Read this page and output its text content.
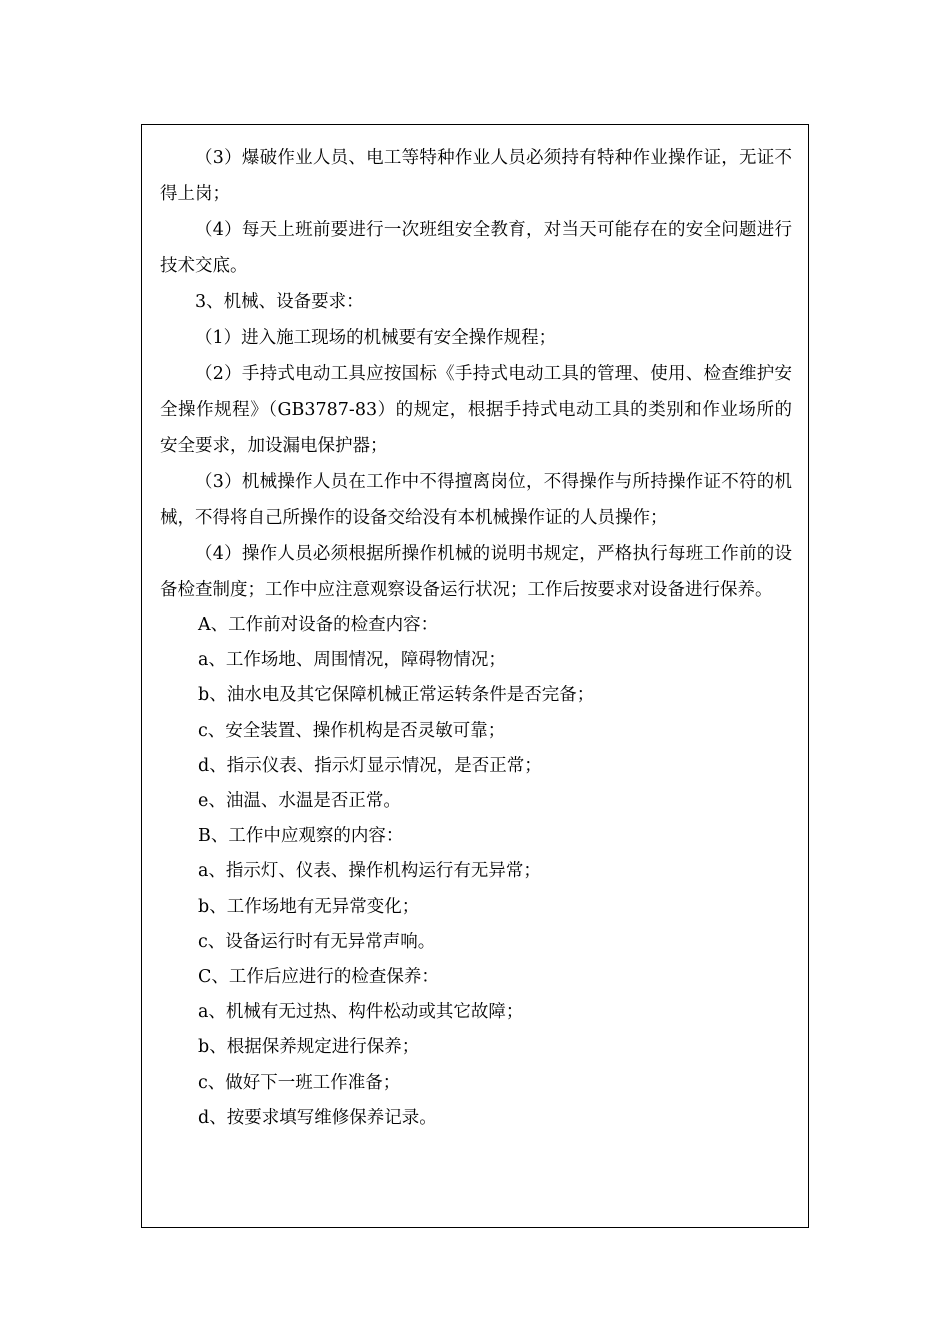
（3）爆破作业人员、电工等特种作业人员必须持有特种作业操作证，无证不得上岗；

（4）每天上班前要进行一次班组安全教育，对当天可能存在的安全问题进行技术交底。

3、机械、设备要求：

（1）进入施工现场的机械要有安全操作规程；

（2）手持式电动工具应按国标《手持式电动工具的管理、使用、检查维护安全操作规程》（GB3787-83）的规定，根据手持式电动工具的类别和作业场所的安全要求，加设漏电保护器；

（3）机械操作人员在工作中不得擅离岗位，不得操作与所持操作证不符的机械，不得将自己所操作的设备交给没有本机械操作证的人员操作；

（4）操作人员必须根据所操作机械的说明书规定，严格执行每班工作前的设备检查制度；工作中应注意观察设备运行状况；工作后按要求对设备进行保养。

A、工作前对设备的检查内容：

a、工作场地、周围情况，障碍物情况；

b、油水电及其它保障机械正常运转条件是否完备；

c、安全装置、操作机构是否灵敏可靠；

d、指示仪表、指示灯显示情况，是否正常；

e、油温、水温是否正常。

B、工作中应观察的内容：

a、指示灯、仪表、操作机构运行有无异常；

b、工作场地有无异常变化；

c、设备运行时有无异常声响。

C、工作后应进行的检查保养：

a、机械有无过热、构件松动或其它故障；

b、根据保养规定进行保养；

c、做好下一班工作准备；

d、按要求填写维修保养记录。
